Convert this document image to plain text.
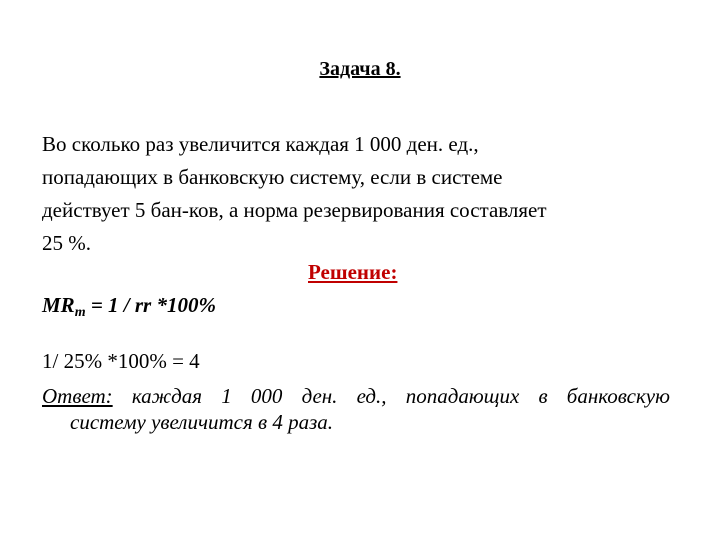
Задача 8.
Во сколько раз увеличится каждая 1 000 ден. ед.,
попадающих в банковскую систему, если в системе
действует 5 бан-ков, а норма резервирования составляет
25 %.
Решение:
$MR_m = 1$ / rr *100%
1/ 25% *100% = 4
Ответ: каждая 1 000 ден. ед., попадающих в банковскую
систему увеличится в 4 раза.
